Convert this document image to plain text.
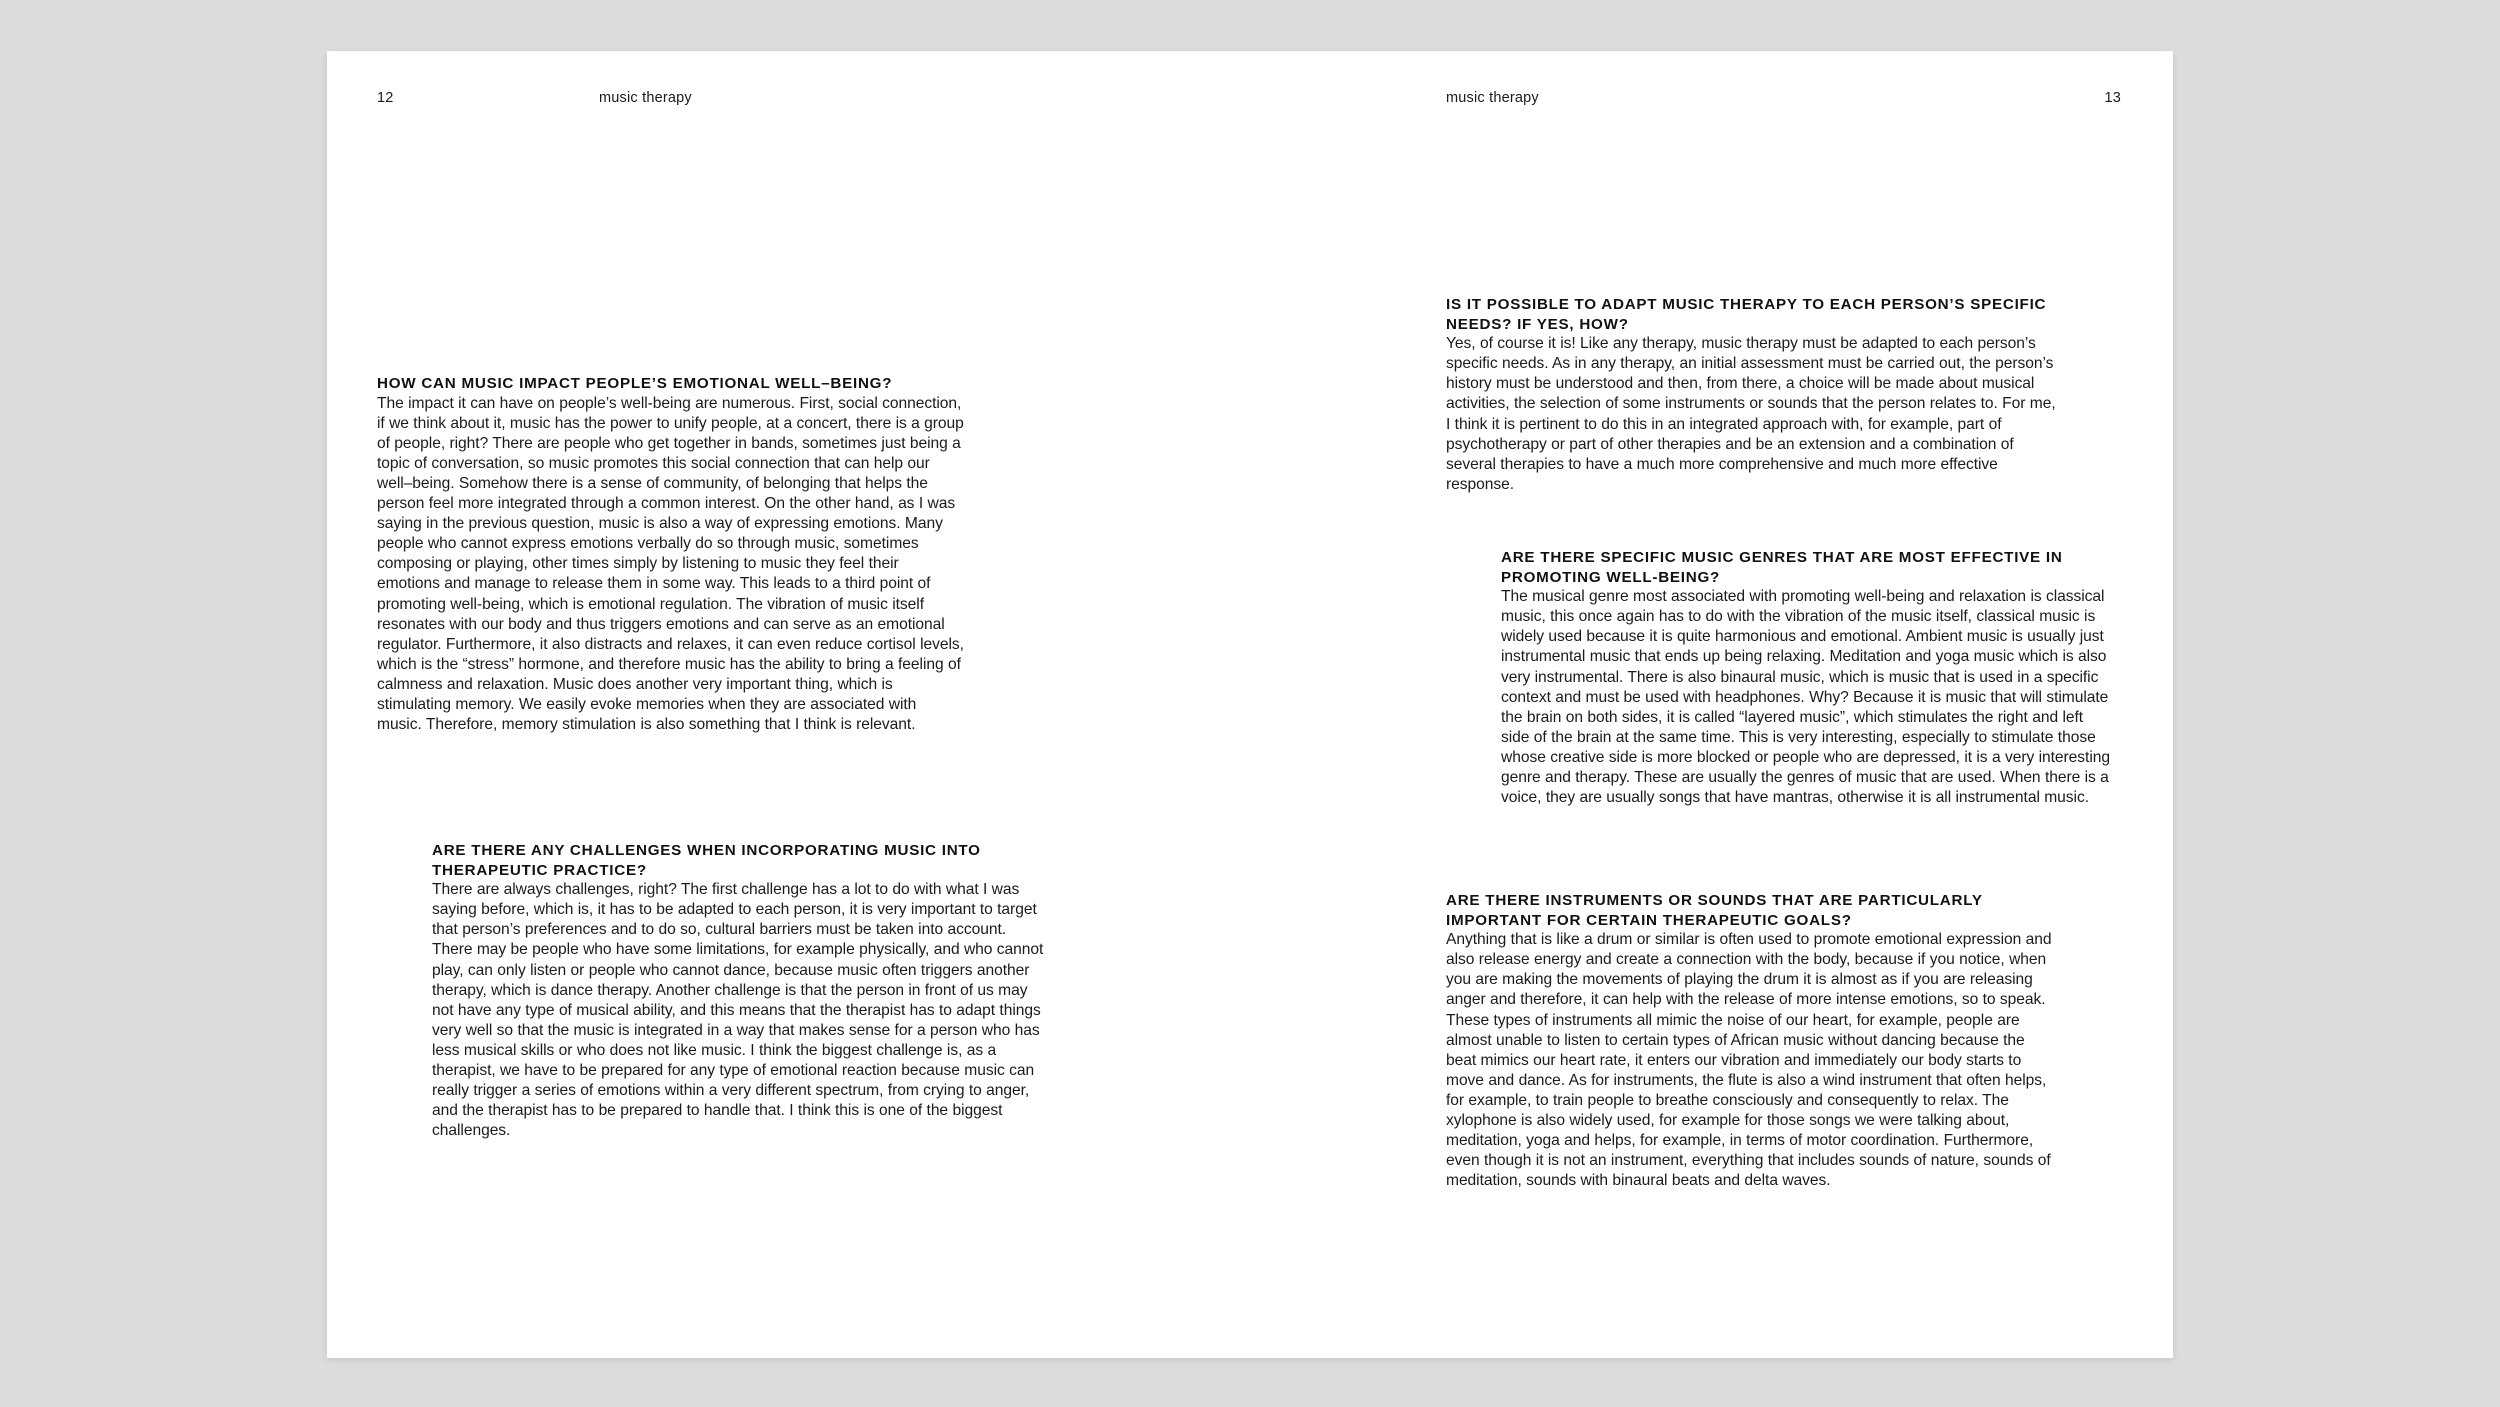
12	music therapy
HOW CAN MUSIC IMPACT PEOPLE’S EMOTIONAL WELL–BEING?

The impact it can have on people’s well-being are numerous. First, social connection, if we think about it, music has the power to unify people, at a concert, there is a group of people, right? There are people who get together in bands, sometimes just being a topic of conversation, so music promotes this social connection that can help our well–being. Somehow there is a sense of community, of belonging that helps the person feel more integrated through a common interest. On the other hand, as I was saying in the previous question, music is also a way of expressing emotions. Many people who cannot express emotions verbally do so through music, sometimes composing or playing, other times simply by listening to music they feel their emotions and manage to release them in some way. This leads to a third point of promoting well-being, which is emotional regulation. The vibration of music itself resonates with our body and thus triggers emotions and can serve as an emotional regulator. Furthermore, it also distracts and relaxes, it can even reduce cortisol levels, which is the “stress” hormone, and therefore music has the ability to bring a feeling of calmness and relaxation. Music does another very important thing, which is stimulating memory. We easily evoke memories when they are associated with music. Therefore, memory stimulation is also something that I think is relevant.

ARE THERE ANY CHALLENGES WHEN INCORPORATING MUSIC INTO THERAPEUTIC PRACTICE?

There are always challenges, right? The first challenge has a lot to do with what I was saying before, which is, it has to be adapted to each person, it is very important to target that person’s preferences and to do so, cultural barriers must be taken into account. There may be people who have some limitations, for example physically, and who cannot play, can only listen or people who cannot dance, because music often triggers another therapy, which is dance therapy. Another challenge is that the person in front of us may not have any type of musical ability, and this means that the therapist has to adapt things very well so that the music is integrated in a way that makes sense for a person who has less musical skills or who does not like music. I think the biggest challenge is, as a therapist, we have to be prepared for any type of emotional reaction because music can really trigger a series of emotions within a very different spectrum, from crying to anger, and the therapist has to be prepared to handle that. I think this is one of the biggest challenges.

music therapy	13
IS IT POSSIBLE TO ADAPT MUSIC THERAPY TO EACH PERSON’S SPECIFIC NEEDS? IF YES, HOW?

Yes, of course it is! Like any therapy, music therapy must be adapted to each person’s specific needs. As in any therapy, an initial assessment must be carried out, the person’s history must be understood and then, from there, a choice will be made about musical activities, the selection of some instruments or sounds that the person relates to. For me, I think it is pertinent to do this in an integrated approach with, for example, part of psychotherapy or part of other therapies and be an extension and a combination of several therapies to have a much more comprehensive and much more effective response.

ARE THERE SPECIFIC MUSIC GENRES THAT ARE MOST EFFECTIVE IN PROMOTING WELL-BEING?

The musical genre most associated with promoting well-being and relaxation is classical music, this once again has to do with the vibration of the music itself, classical music is widely used because it is quite harmonious and emotional. Ambient music is usually just instrumental music that ends up being relaxing. Meditation and yoga music which is also very instrumental. There is also binaural music, which is music that is used in a specific context and must be used with headphones. Why? Because it is music that will stimulate the brain on both sides, it is called “layered music”, which stimulates the right and left side of the brain at the same time. This is very interesting, especially to stimulate those whose creative side is more blocked or people who are depressed, it is a very interesting genre and therapy. These are usually the genres of music that are used. When there is a voice, they are usually songs that have mantras, otherwise it is all instrumental music.

ARE THERE INSTRUMENTS OR SOUNDS THAT ARE PARTICULARLY IMPORTANT FOR CERTAIN THERAPEUTIC GOALS?

Anything that is like a drum or similar is often used to promote emotional expression and also release energy and create a connection with the body, because if you notice, when you are making the movements of playing the drum it is almost as if you are releasing anger and therefore, it can help with the release of more intense emotions, so to speak. These types of instruments all mimic the noise of our heart, for example, people are almost unable to listen to certain types of African music without dancing because the beat mimics our heart rate, it enters our vibration and immediately our body starts to move and dance. As for instruments, the flute is also a wind instrument that often helps, for example, to train people to breathe consciously and consequently to relax. The xylophone is also widely used, for example for those songs we were talking about, meditation, yoga and helps, for example, in terms of motor coordination. Furthermore, even though it is not an instrument, everything that includes sounds of nature, sounds of meditation, sounds with binaural beats and delta waves.
